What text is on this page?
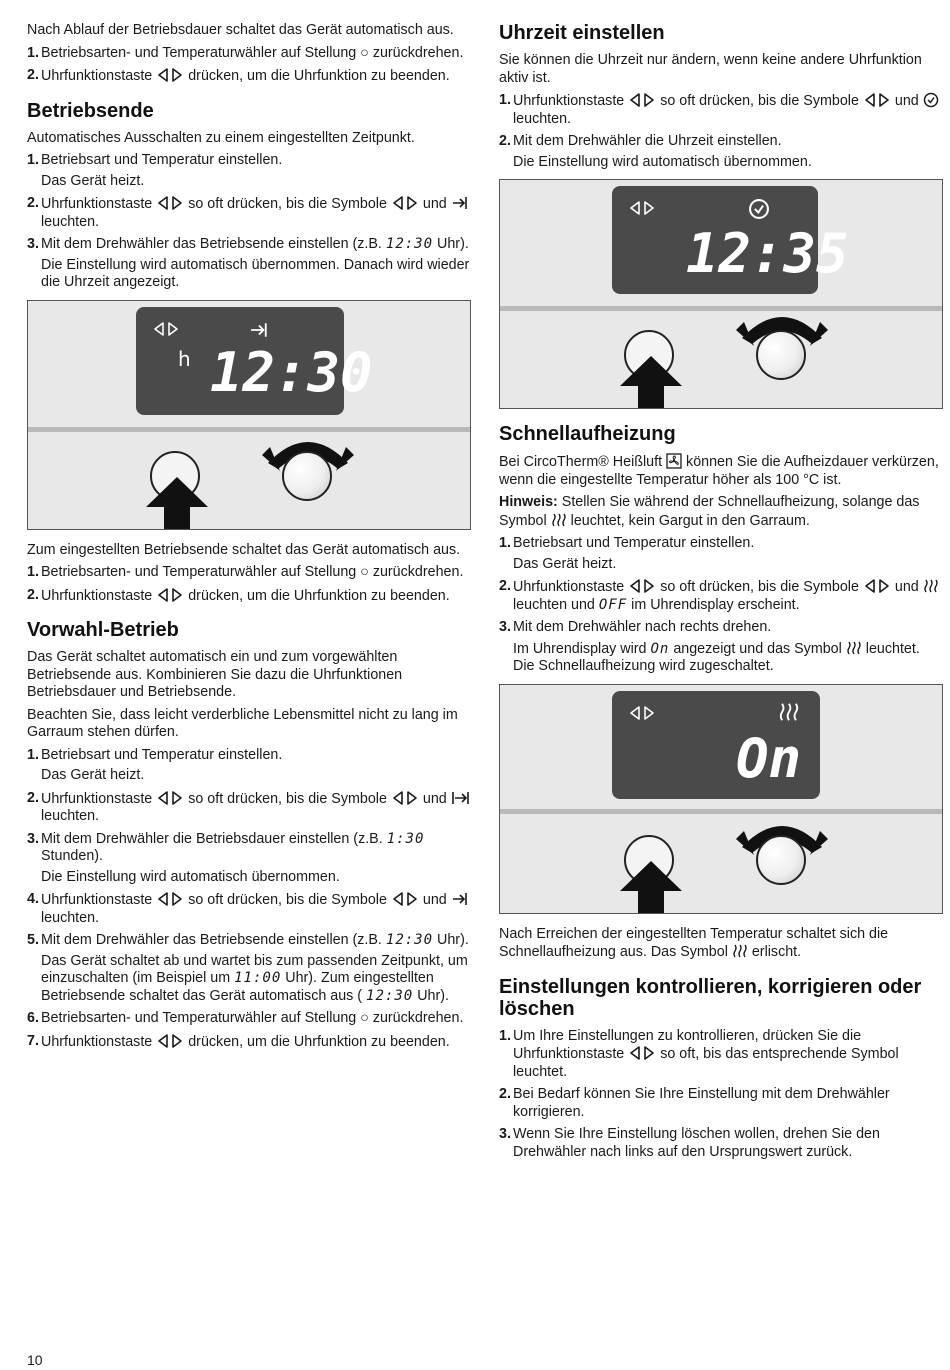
Nach Ablauf der Betriebsdauer schaltet das Gerät automatisch aus.

1. Betriebsarten- und Temperaturwähler auf Stellung ○ zurückdrehen.
2. Uhrfunktionstaste	drücken, um die Uhrfunktion zu beenden.
Betriebsende

Automatisches Ausschalten zu einem eingestellten Zeitpunkt.

1. Betriebsart und Temperatur einstellen.
Das Gerät heizt.
2. Uhrfunktionstaste	so oft drücken, bis die Symbole	und  leuchten.
3. Mit dem Drehwähler das Betriebsende einstellen (z.B. 12:30 Uhr).
Die Einstellung wird automatisch übernommen. Danach wird wieder die Uhrzeit angezeigt.
h 12:30

Zum eingestellten Betriebsende schaltet das Gerät automatisch aus.

1. Betriebsarten- und Temperaturwähler auf Stellung ○ zurückdrehen.
2. Uhrfunktionstaste	drücken, um die Uhrfunktion zu beenden.
Vorwahl-Betrieb

Das Gerät schaltet automatisch ein und zum vorgewählten Betriebsende aus. Kombinieren Sie dazu die Uhrfunktionen Betriebsdauer und Betriebsende.

Beachten Sie, dass leicht verderbliche Lebensmittel nicht zu lang im Garraum stehen dürfen.

1. Betriebsart und Temperatur einstellen.
Das Gerät heizt.
2. Uhrfunktionstaste	so oft drücken, bis die Symbole	und  leuchten.
3. Mit dem Drehwähler die Betriebsdauer einstellen (z.B. 1:30 Stunden).
Die Einstellung wird automatisch übernommen.
4. Uhrfunktionstaste	so oft drücken, bis die Symbole	und  leuchten.
5. Mit dem Drehwähler das Betriebsende einstellen (z.B. 12:30 Uhr).
Das Gerät schaltet ab und wartet bis zum passenden Zeitpunkt, um einzuschalten (im Beispiel um 11:00 Uhr). Zum eingestellten Betriebsende schaltet das Gerät automatisch aus ( 12:30 Uhr).
6. Betriebsarten- und Temperaturwähler auf Stellung ○ zurückdrehen.
7. Uhrfunktionstaste	drücken, um die Uhrfunktion zu beenden.
Uhrzeit einstellen

Sie können die Uhrzeit nur ändern, wenn keine andere Uhrfunktion aktiv ist.

1. Uhrfunktionstaste	so oft drücken, bis die Symbole	und  leuchten.
2. Mit dem Drehwähler die Uhrzeit einstellen.
Die Einstellung wird automatisch übernommen.
12:35
Schnellaufheizung

Bei CircoTherm® Heißluft können Sie die Aufheizdauer verkürzen, wenn die eingestellte Temperatur höher als 100 °C ist.

Hinweis: Stellen Sie während der Schnellaufheizung, solange das Symbol leuchtet, kein Gargut in den Garraum.

1. Betriebsart und Temperatur einstellen.
Das Gerät heizt.
2. Uhrfunktionstaste	so oft drücken, bis die Symbole	und  leuchten und OFF im Uhrendisplay erscheint.
3. Mit dem Drehwähler nach rechts drehen.
Im Uhrendisplay wird On angezeigt und das Symbol leuchtet. Die Schnellaufheizung wird zugeschaltet.
On

Nach Erreichen der eingestellten Temperatur schaltet sich die Schnellaufheizung aus. Das Symbol erlischt.

Einstellungen kontrollieren, korrigieren oder löschen
1. Um Ihre Einstellungen zu kontrollieren, drücken Sie die Uhrfunktionstaste	so oft, bis das entsprechende Symbol leuchtet.
2. Bei Bedarf können Sie Ihre Einstellung mit dem Drehwähler korrigieren.
3. Wenn Sie Ihre Einstellung löschen wollen, drehen Sie den Drehwähler nach links auf den Ursprungswert zurück.
10
